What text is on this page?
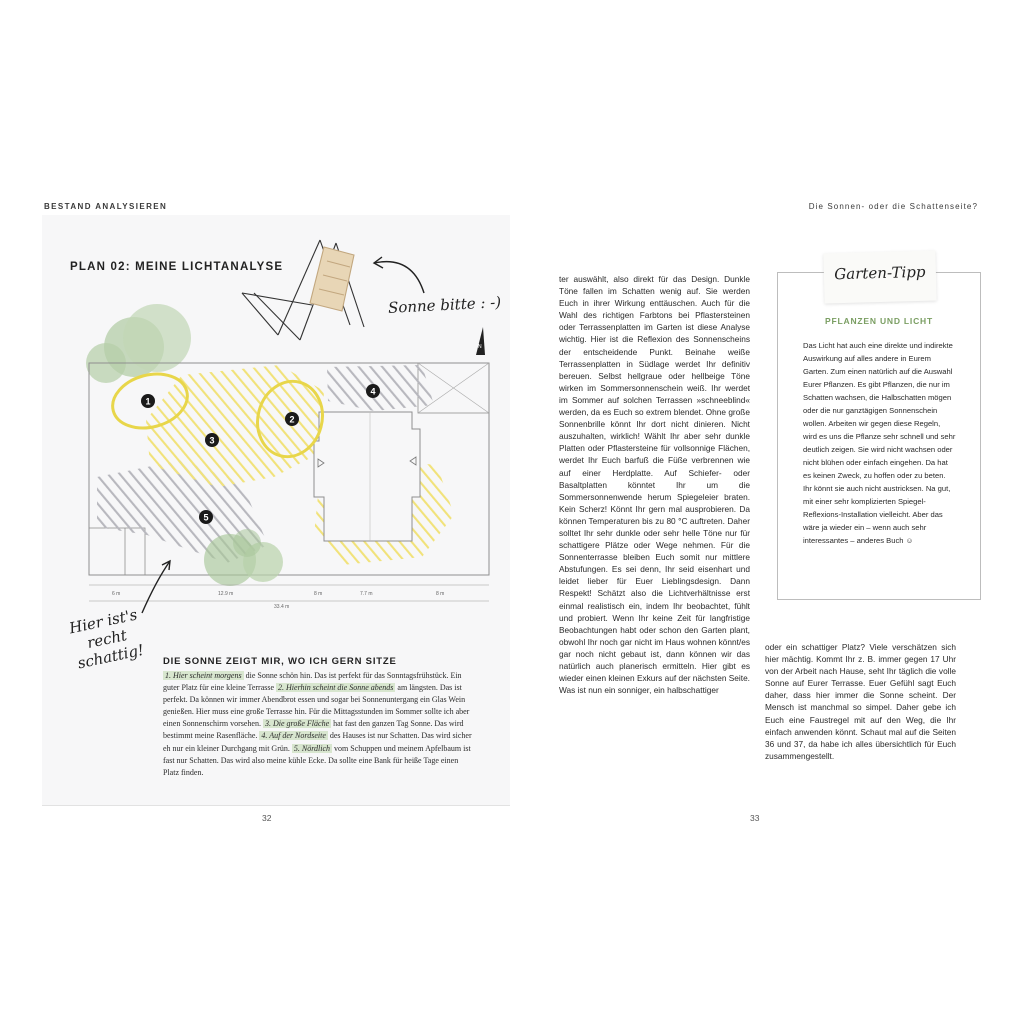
BESTAND ANALYSIEREN	Die Sonnen- oder die Schattenseite?
N
1
2
3
4
5
6 m	12.9 m	8 m	7.7 m	8 m
33.4 m
PLAN 02: MEINE LICHTANALYSE
Sonne bitte : -)
Hier ist's recht schattig!	DIE SONNE ZEIGT MIR, WO ICH GERN SITZE
1. Hier scheint morgens die Sonne schön hin. Das ist perfekt für das Sonntagsfrühstück. Ein guter Platz für eine kleine Terrasse 2. Hierhin scheint die Sonne abends am längsten. Das ist perfekt. Da können wir immer Abendbrot essen und sogar bei Sonnenuntergang ein Glas Wein genießen. Hier muss eine große Terrasse hin. Für die Mittagsstunden im Sommer sollte ich aber einen Sonnenschirm vorsehen. 3. Die große Fläche hat fast den ganzen Tag Sonne. Das wird bestimmt meine Rasenfläche. 4. Auf der Nordseite des Hauses ist nur Schatten. Das wird sicher eh nur ein kleiner Durchgang mit Grün. 5. Nördlich vom Schuppen und meinem Apfelbaum ist fast nur Schatten. Das wird also meine kühle Ecke. Da sollte eine Bank für heiße Tage einen Platz finden.
ter auswählt, also direkt für das Design. Dunkle Töne fallen im Schatten wenig auf. Sie werden Euch in ihrer Wirkung enttäuschen. Auch für die Wahl des richtigen Farbtons bei Pflastersteinen oder Terrassenplatten im Garten ist diese Analyse wichtig. Hier ist die Reflexion des Sonnenscheins der entscheidende Punkt. Beinahe weiße Terrassenplatten in Südlage werdet Ihr definitiv bereuen. Selbst hellgraue oder hellbeige Töne wirken im Sommersonnenschein weiß. Ihr werdet im Sommer auf solchen Terrassen »schneeblind« werden, da es Euch so extrem blendet. Ohne große Sonnenbrille könnt Ihr dort nicht dinieren. Nicht auszuhalten, wirklich! Wählt Ihr aber sehr dunkle Platten oder Pflastersteine für vollsonnige Flächen, werdet Ihr Euch barfuß die Füße verbrennen wie auf einer Herdplatte. Auf Schiefer- oder Basaltplatten könntet Ihr um die Sommersonnenwende herum Spiegeleier braten. Kein Scherz! Könnt Ihr gern mal ausprobieren. Da können Temperaturen bis zu 80 °C auftreten. Daher solltet Ihr sehr dunkle oder sehr helle Töne nur für schattigere Plätze oder Wege nehmen. Für die Sonnenterrasse bleiben Euch somit nur mittlere Abstufungen. Es sei denn, Ihr seid eisenhart und leidet lieber für Euer Lieblingsdesign. Dann Respekt! Schätzt also die Lichtverhältnisse erst einmal realistisch ein, indem Ihr beobachtet, fühlt und probiert. Wenn Ihr keine Zeit für langfristige Beobachtungen habt oder schon den Garten plant, obwohl Ihr noch gar nicht im Haus wohnen könnt/es gar noch nicht gebaut ist, dann können wir das natürlich auch planerisch ermitteln. Hier gibt es wieder einen kleinen Exkurs auf der nächsten Seite. Was ist nun ein sonniger, ein halbschattiger
oder ein schattiger Platz? Viele verschätzen sich hier mächtig. Kommt Ihr z. B. immer gegen 17 Uhr von der Arbeit nach Hause, seht Ihr täglich die volle Sonne auf Eurer Terrasse. Euer Gefühl sagt Euch daher, dass hier immer die Sonne scheint. Der Mensch ist manchmal so simpel. Daher gebe ich Euch eine Faustregel mit auf den Weg, die Ihr einfach anwenden könnt. Schaut mal auf die Seiten 36 und 37, da habe ich alles übersichtlich für Euch zusammengestellt.
Garten-Tipp
PFLANZEN UND LICHT
Das Licht hat auch eine direkte und indirekte Auswirkung auf alles andere in Eurem Garten. Zum einen natürlich auf die Auswahl Eurer Pflanzen. Es gibt Pflanzen, die nur im Schatten wachsen, die Halbschatten mögen oder die nur ganztägigen Sonnenschein wollen. Arbeiten wir gegen diese Regeln, wird es uns die Pflanze sehr schnell und sehr deutlich zeigen. Sie wird nicht wachsen oder nicht blühen oder einfach eingehen. Da hat es keinen Zweck, zu hoffen oder zu beten. Ihr könnt sie auch nicht austricksen. Na gut, mit einer sehr komplizierten Spiegel-Reflexions-Installation vielleicht. Aber das wäre ja wieder ein – wenn auch sehr interessantes – anderes Buch ☺
32	33
